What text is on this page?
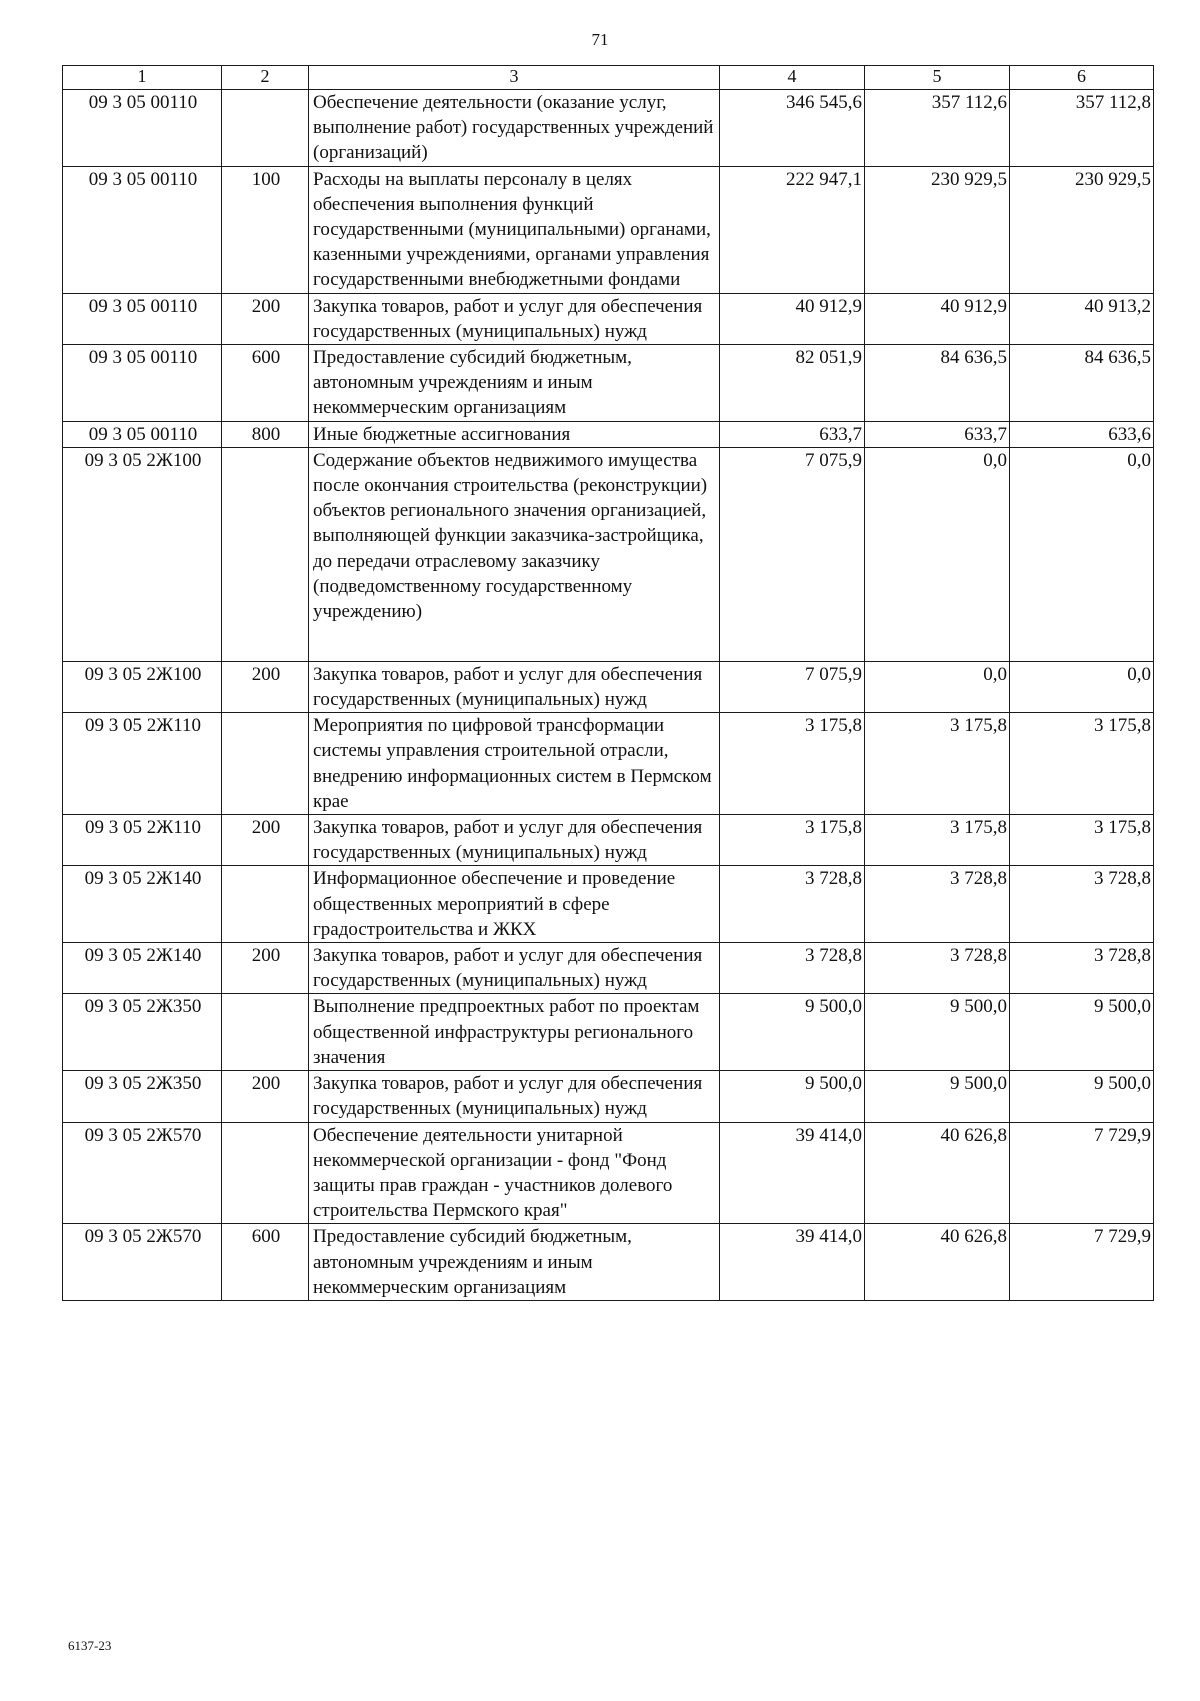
71
1	2	3	4	5	6
09 3 05 00110		Обеспечение деятельности (оказание услуг, выполнение работ) государственных учреждений (организаций)	346 545,6	357 112,6	357 112,8
09 3 05 00110	100	Расходы на выплаты персоналу в целях обеспечения выполнения функций государственными (муниципальными) органами, казенными учреждениями, органами управления государственными внебюджетными фондами	222 947,1	230 929,5	230 929,5
09 3 05 00110	200	Закупка товаров, работ и услуг для обеспечения государственных (муниципальных) нужд	40 912,9	40 912,9	40 913,2
09 3 05 00110	600	Предоставление субсидий бюджетным, автономным учреждениям и иным некоммерческим организациям	82 051,9	84 636,5	84 636,5
09 3 05 00110	800	Иные бюджетные ассигнования	633,7	633,7	633,6
09 3 05 2Ж100		Содержание объектов недвижимого имущества после окончания строительства (реконструкции) объектов регионального значения организацией, выполняющей функции заказчика-застройщика, до передачи отраслевому заказчику (подведомственному государственному учреждению)	7 075,9	0,0	0,0
09 3 05 2Ж100	200	Закупка товаров, работ и услуг для обеспечения государственных (муниципальных) нужд	7 075,9	0,0	0,0
09 3 05 2Ж110		Мероприятия по цифровой трансформации системы управления строительной отрасли, внедрению информационных систем в Пермском крае	3 175,8	3 175,8	3 175,8
09 3 05 2Ж110	200	Закупка товаров, работ и услуг для обеспечения государственных (муниципальных) нужд	3 175,8	3 175,8	3 175,8
09 3 05 2Ж140		Информационное обеспечение и проведение общественных мероприятий в сфере градостроительства и ЖКХ	3 728,8	3 728,8	3 728,8
09 3 05 2Ж140	200	Закупка товаров, работ и услуг для обеспечения государственных (муниципальных) нужд	3 728,8	3 728,8	3 728,8
09 3 05 2Ж350		Выполнение предпроектных работ по проектам общественной инфраструктуры регионального значения	9 500,0	9 500,0	9 500,0
09 3 05 2Ж350	200	Закупка товаров, работ и услуг для обеспечения государственных (муниципальных) нужд	9 500,0	9 500,0	9 500,0
09 3 05 2Ж570		Обеспечение деятельности унитарной некоммерческой организации - фонд "Фонд защиты прав граждан - участников долевого строительства Пермского края"	39 414,0	40 626,8	7 729,9
09 3 05 2Ж570	600	Предоставление субсидий бюджетным, автономным учреждениям и иным некоммерческим организациям	39 414,0	40 626,8	7 729,9
6137-23
